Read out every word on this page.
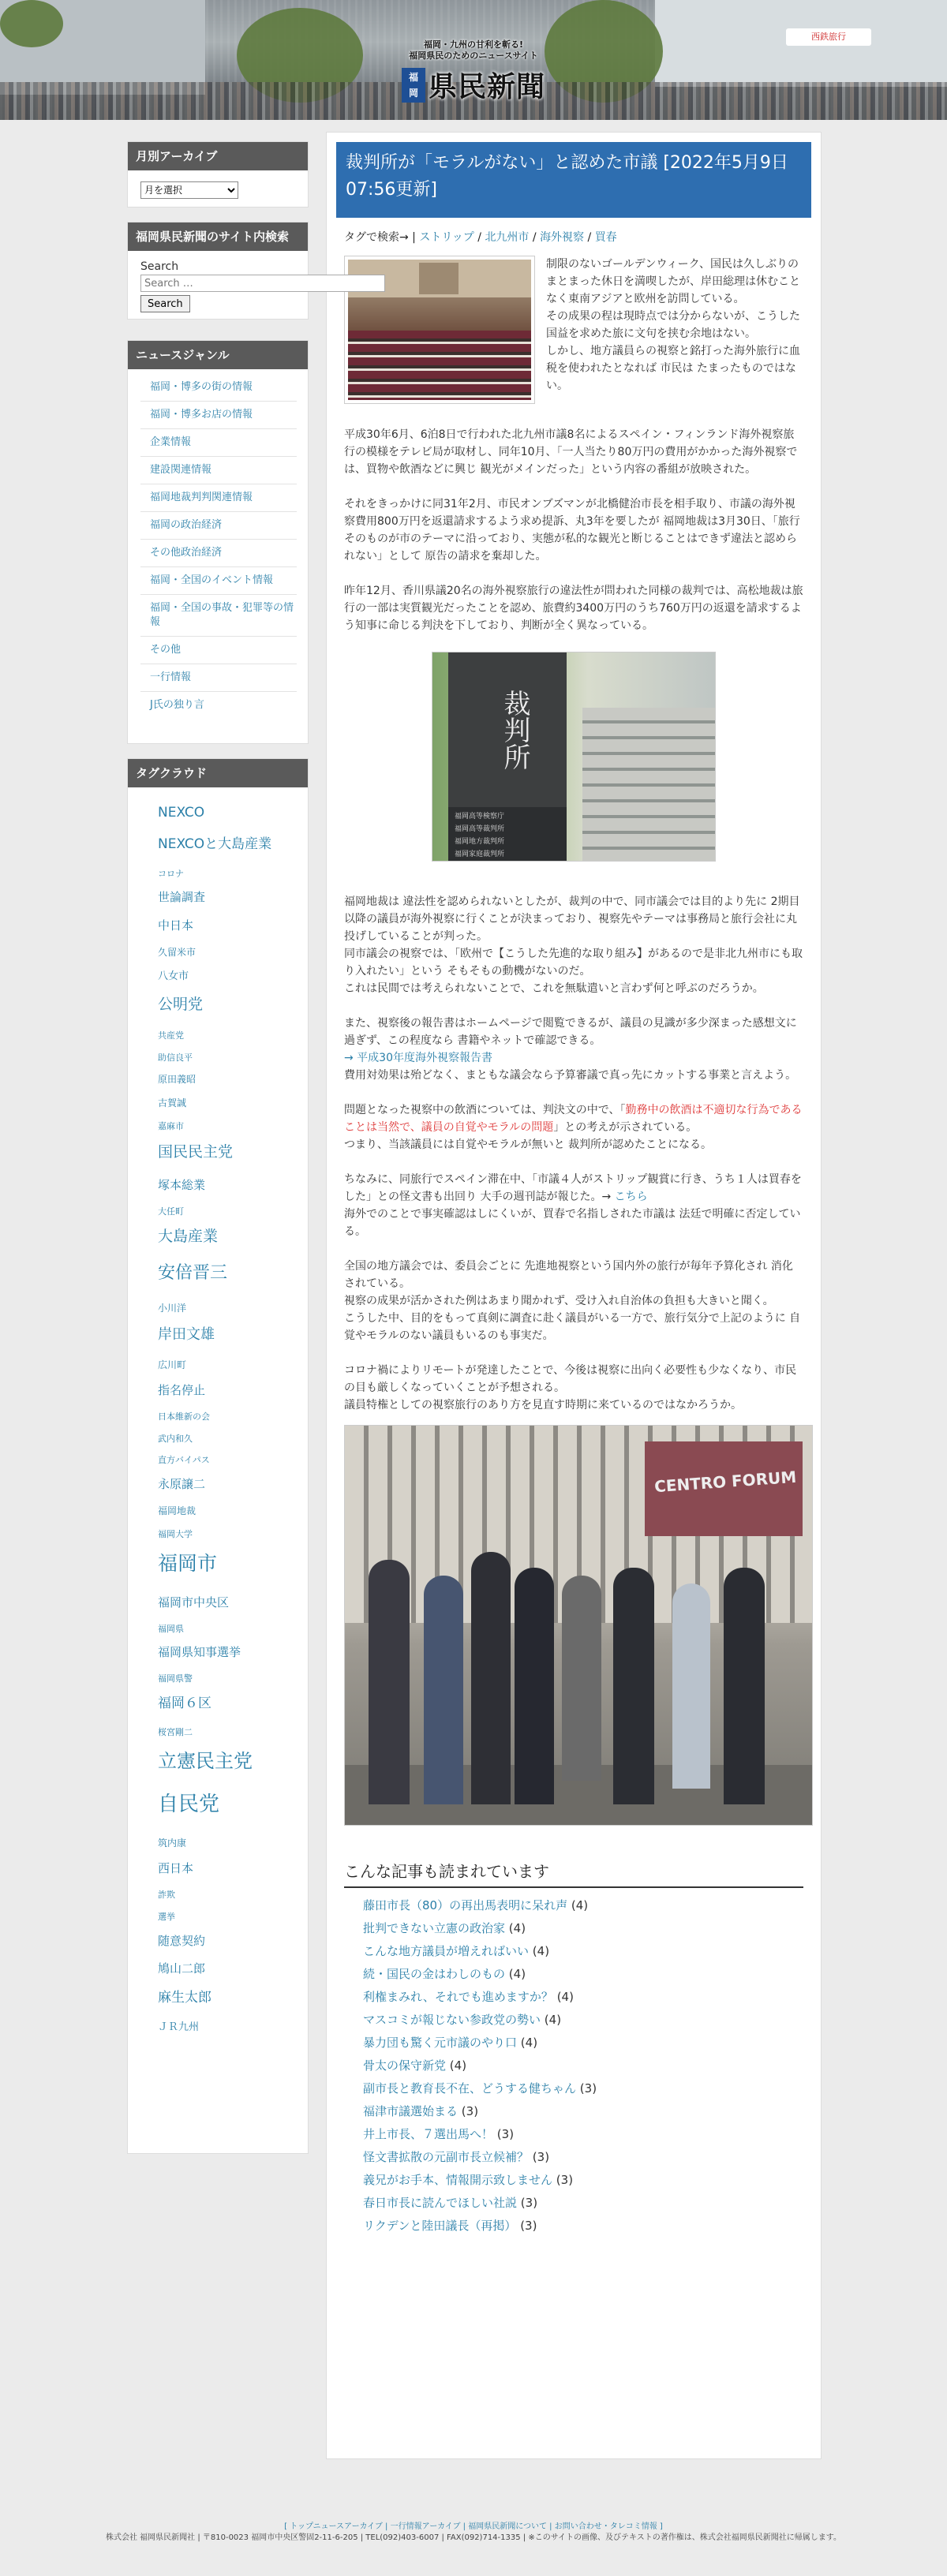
西鉄旅行
福岡・九州の甘利を斬る!
福岡県民のためのニュースサイト
福
岡 県民新聞
月別アーカイブ
月を選択
福岡県民新聞のサイト内検索
Search
Search …
Search
ニュースジャンル
福岡・博多の街の情報
福岡・博多お店の情報
企業情報
建設関連情報
福岡地裁判判関連情報
福岡の政治経済
その他政治経済
福岡・全国のイベント情報
福岡・全国の事故・犯罪等の情報
その他
一行情報
J氏の独り言
タグクラウド
NEXCO
NEXCOと大島産業
コロナ
世論調査
中日本
久留米市
八女市
公明党
共産党
助信良平
原田義昭
古賀誠
嘉麻市
国民民主党
塚本総業
大任町
大島産業
安倍晋三
小川洋
岸田文雄
広川町
指名停止
日本維新の会
武内和久
直方バイパス
永原譲二
福岡地裁
福岡大学
福岡市
福岡市中央区
福岡県
福岡県知事選挙
福岡県警
福岡６区
桜宮剛二
立憲民主党
自民党
筑内康
西日本
詐欺
選挙
随意契約
鳩山二郎
麻生太郎
ＪＲ九州
裁判所が「モラルがない」と認めた市議 [2022年5月9日 07:56更新]
タグで検索→ | ストリップ / 北九州市 / 海外視察 / 買春

制限のないゴールデンウィーク、国民は久しぶりのまとまった休日を満喫したが、岸田総理は休むことなく東南アジアと欧州を訪問している。
その成果の程は現時点では分からないが、こうした国益を求めた旅に文句を挟む余地はない。
しかし、地方議員らの視察と銘打った海外旅行に血税を使われたとなれば 市民は たまったものではない。

平成30年6月、6泊8日で行われた北九州市議8名によるスペイン・フィンランド海外視察旅行の模様をテレビ局が取材し、同年10月、「一人当たり80万円の費用がかかった海外視察では、買物や飲酒などに興じ 観光がメインだった」という内容の番組が放映された。

それをきっかけに同31年2月、市民オンブズマンが北橋健治市長を相手取り、市議の海外視察費用800万円を返還請求するよう求め提訴、丸3年を要したが 福岡地裁は3月30日、「旅行そのものが市のテーマに沿っており、実態が私的な観光と断じることはできず違法と認められない」として 原告の請求を棄却した。

昨年12月、香川県議20名の海外視察旅行の違法性が問われた同様の裁判では、高松地裁は旅行の一部は実質観光だったことを認め、旅費約3400万円のうち760万円の返還を請求するよう知事に命じる判決を下しており、判断が全く異なっている。

裁判所
福岡高等検察庁
福岡高等裁判所
福岡地方裁判所
福岡家庭裁判所

福岡地裁は 違法性を認められないとしたが、裁判の中で、同市議会では目的より先に 2期目以降の議員が海外視察に行くことが決まっており、視察先やテーマは事務局と旅行会社に丸投げしていることが判った。
同市議会の視察では、「欧州で【こうした先進的な取り組み】があるので是非北九州市にも取り入れたい」という そもそもの動機がないのだ。
これは民間では考えられないことで、これを無駄遣いと言わず何と呼ぶのだろうか。

また、視察後の報告書はホームページで閲覧できるが、議員の見識が多少深まった感想文に過ぎず、この程度なら 書籍やネットで確認できる。
→ 平成30年度海外視察報告書
費用対効果は殆どなく、まともな議会なら予算審議で真っ先にカットする事業と言えよう。

問題となった視察中の飲酒については、判決文の中で、「勤務中の飲酒は不適切な行為であることは当然で、議員の自覚やモラルの問題」との考えが示されている。
つまり、当該議員には自覚やモラルが無いと 裁判所が認めたことになる。

ちなみに、同旅行でスペイン滞在中、「市議４人がストリップ観賞に行き、うち１人は買春をした」との怪文書も出回り 大手の週刊誌が報じた。→ こちら
海外でのことで事実確認はしにくいが、買春で名指しされた市議は 法廷で明確に否定している。

全国の地方議会では、委員会ごとに 先進地視察という国内外の旅行が毎年予算化され 消化されている。
視察の成果が活かされた例はあまり聞かれず、受け入れ自治体の負担も大きいと聞く。
こうした中、目的をもって真剣に調査に赴く議員がいる一方で、旅行気分で上記のように 自覚やモラルのない議員もいるのも事実だ。

コロナ禍によりリモートが発達したことで、今後は視察に出向く必要性も少なくなり、市民の目も厳しくなっていくことが予想される。
議員特権としての視察旅行のあり方を見直す時期に来ているのではなかろうか。

CENTRO FORUM
こんな記事も読まれています
藤田市長（80）の再出馬表明に呆れ声 (4)
批判できない立憲の政治家 (4)
こんな地方議員が増えればいい (4)
続・国民の金はわしのもの (4)
利権まみれ、それでも進めますか？ (4)
マスコミが報じない参政党の勢い (4)
暴力団も驚く元市議のやり口 (4)
骨太の保守新党 (4)
副市長と教育長不在、どうする健ちゃん (3)
福津市議選始まる (3)
井上市長、７選出馬へ！ (3)
怪文書拡散の元副市長立候補？ (3)
義兄がお手本、情報開示致しません (3)
春日市長に読んでほしい社説 (3)
リクデンと陸田議長（再掲） (3)
[ トップニュースアーカイブ | 一行情報アーカイブ | 福岡県民新聞について | お問い合わせ・タレコミ情報 ]
株式会社 福岡県民新聞社 | 〒810-0023 福岡市中央区警固2-11-6-205 | TEL(092)403-6007 | FAX(092)714-1335 | ※このサイトの画像、及びテキストの著作権は、株式会社福岡県民新聞社に帰属します。
